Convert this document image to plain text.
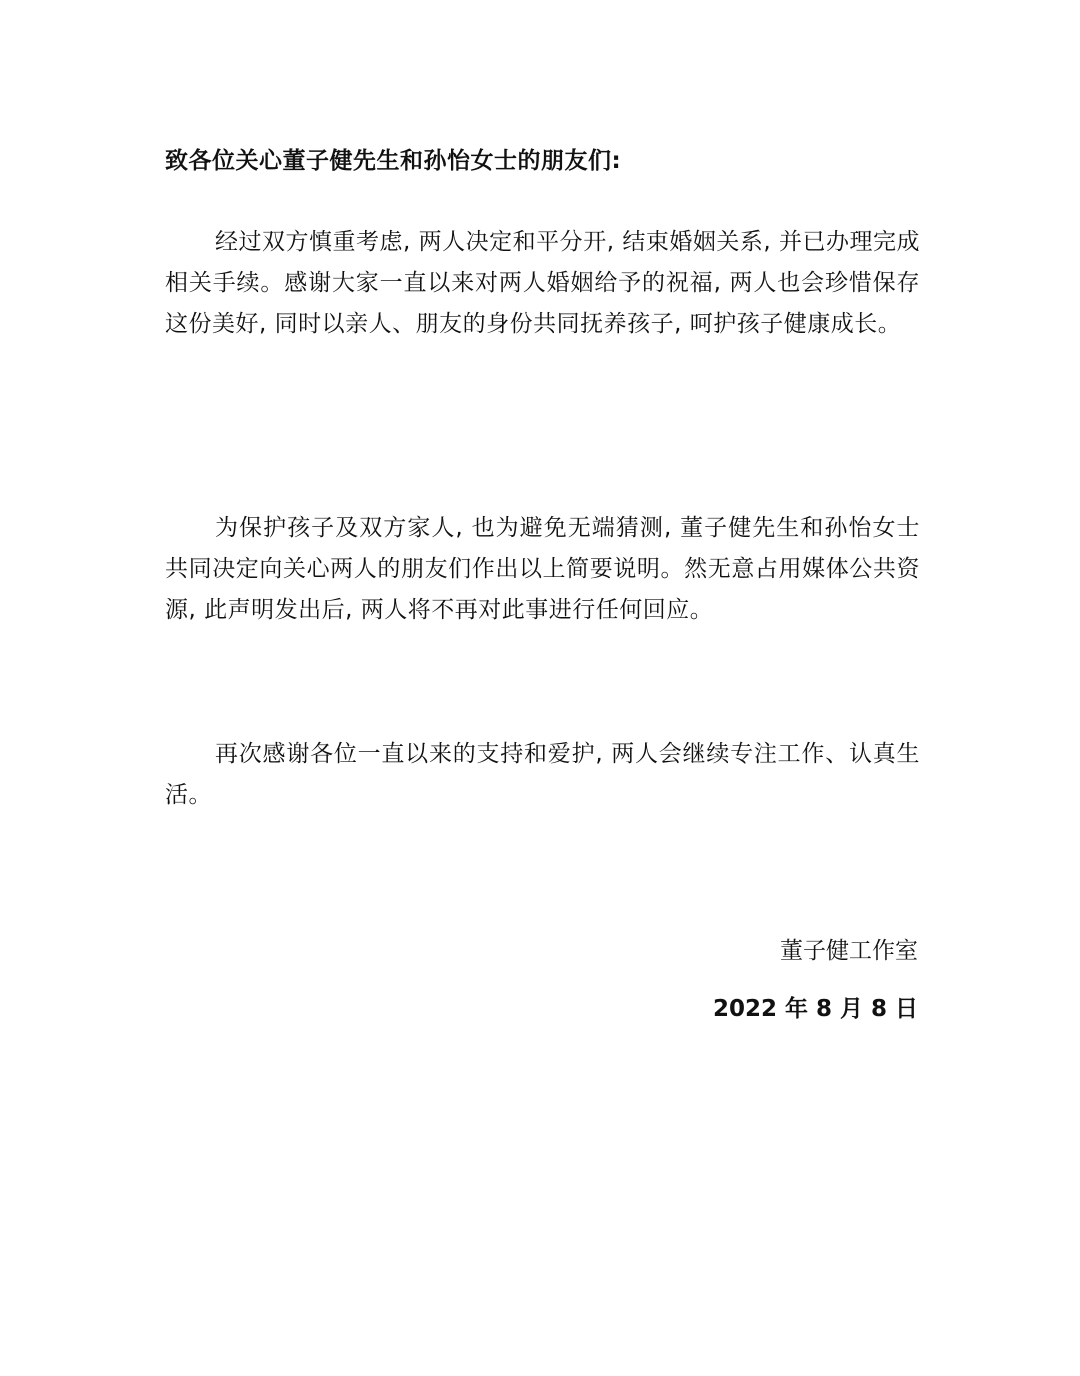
致各位关心董子健先生和孙怡女士的朋友们:

经过双方慎重考虑, 两人决定和平分开, 结束婚姻关系, 并已办理完成相关手续。感谢大家一直以来对两人婚姻给予的祝福, 两人也会珍惜保存这份美好, 同时以亲人、朋友的身份共同抚养孩子, 呵护孩子健康成长。

为保护孩子及双方家人, 也为避免无端猜测, 董子健先生和孙怡女士共同决定向关心两人的朋友们作出以上简要说明。然无意占用媒体公共资源, 此声明发出后, 两人将不再对此事进行任何回应。

再次感谢各位一直以来的支持和爱护, 两人会继续专注工作、认真生活。

董子健工作室

2022 年 8 月 8 日
